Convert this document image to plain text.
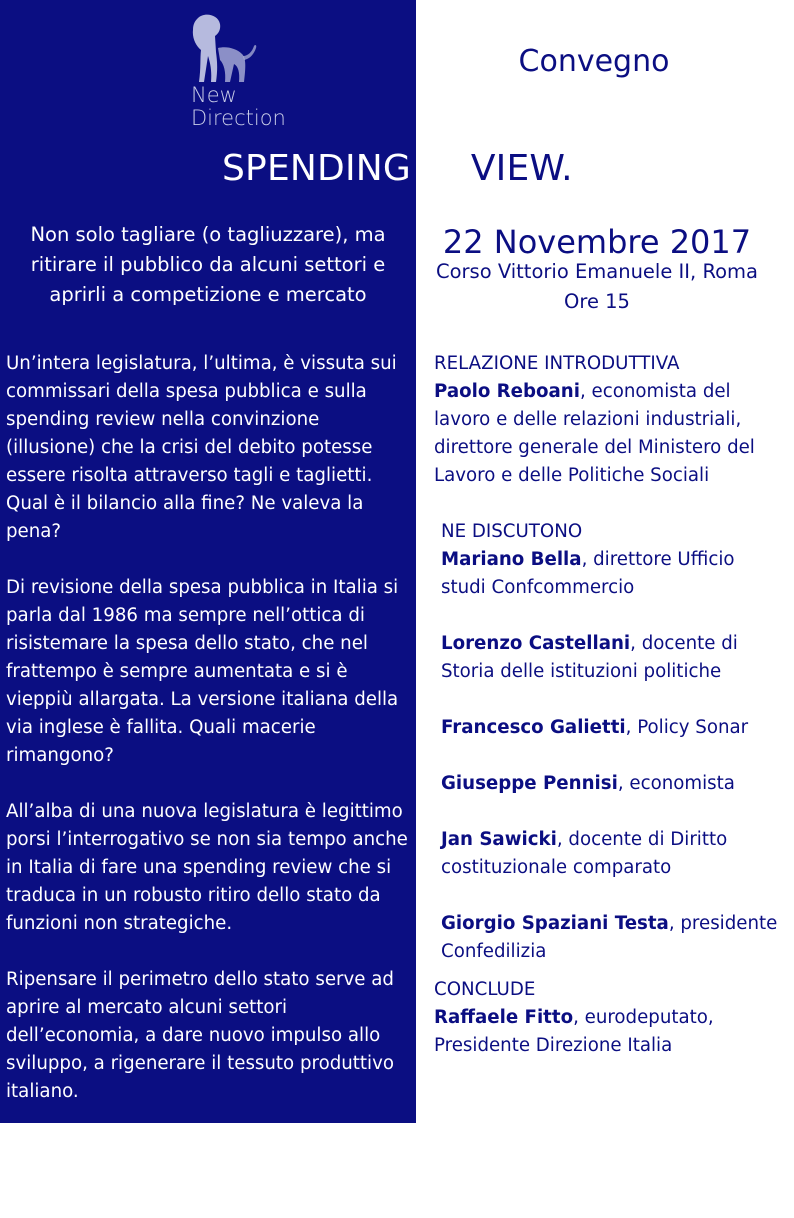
New
Direction
Convegno
SPENDING REVIEW.
Non solo tagliare (o tagliuzzare), ma
ritirare il pubblico da alcuni settori e
aprirli a competizione e mercato
22 Novembre 2017
Corso Vittorio Emanuele II, Roma
Ore 15

Un’intera legislatura, l’ultima, è vissuta sui commissari della spesa pubblica e sulla spending review nella convinzione (illusione) che la crisi del debito potesse essere risolta attraverso tagli e taglietti. Qual è il bilancio alla fine? Ne valeva la pena?

Di revisione della spesa pubblica in Italia si parla dal 1986 ma sempre nell’ottica di risistemare la spesa dello stato, che nel frattempo è sempre aumentata e si è vieppiù allargata. La versione italiana della via inglese è fallita. Quali macerie rimangono?

All’alba di una nuova legislatura è legittimo porsi l’interrogativo se non sia tempo anche in Italia di fare una spending review che si traduca in un robusto ritiro dello stato da funzioni non strategiche.

Ripensare il perimetro dello stato serve ad aprire al mercato alcuni settori dell’economia, a dare nuovo impulso allo sviluppo, a rigenerare il tessuto produttivo italiano.

Il tema del monitoraggio e della valutazione. Chi controlla e certifica?

RELAZIONE INTRODUTTIVA
Paolo Reboani, economista del lavoro e delle relazioni industriali, direttore generale del Ministero del Lavoro e delle Politiche Sociali
NE DISCUTONO
Mariano Bella, direttore Ufficio studi Confcommercio
Lorenzo Castellani, docente di Storia delle istituzioni politiche
Francesco Galietti, Policy Sonar
Giuseppe Pennisi, economista
Jan Sawicki, docente di Diritto costituzionale comparato
Giorgio Spaziani Testa, presidente Confedilizia
CONCLUDE
Raffaele Fitto, eurodeputato, Presidente Direzione Italia
